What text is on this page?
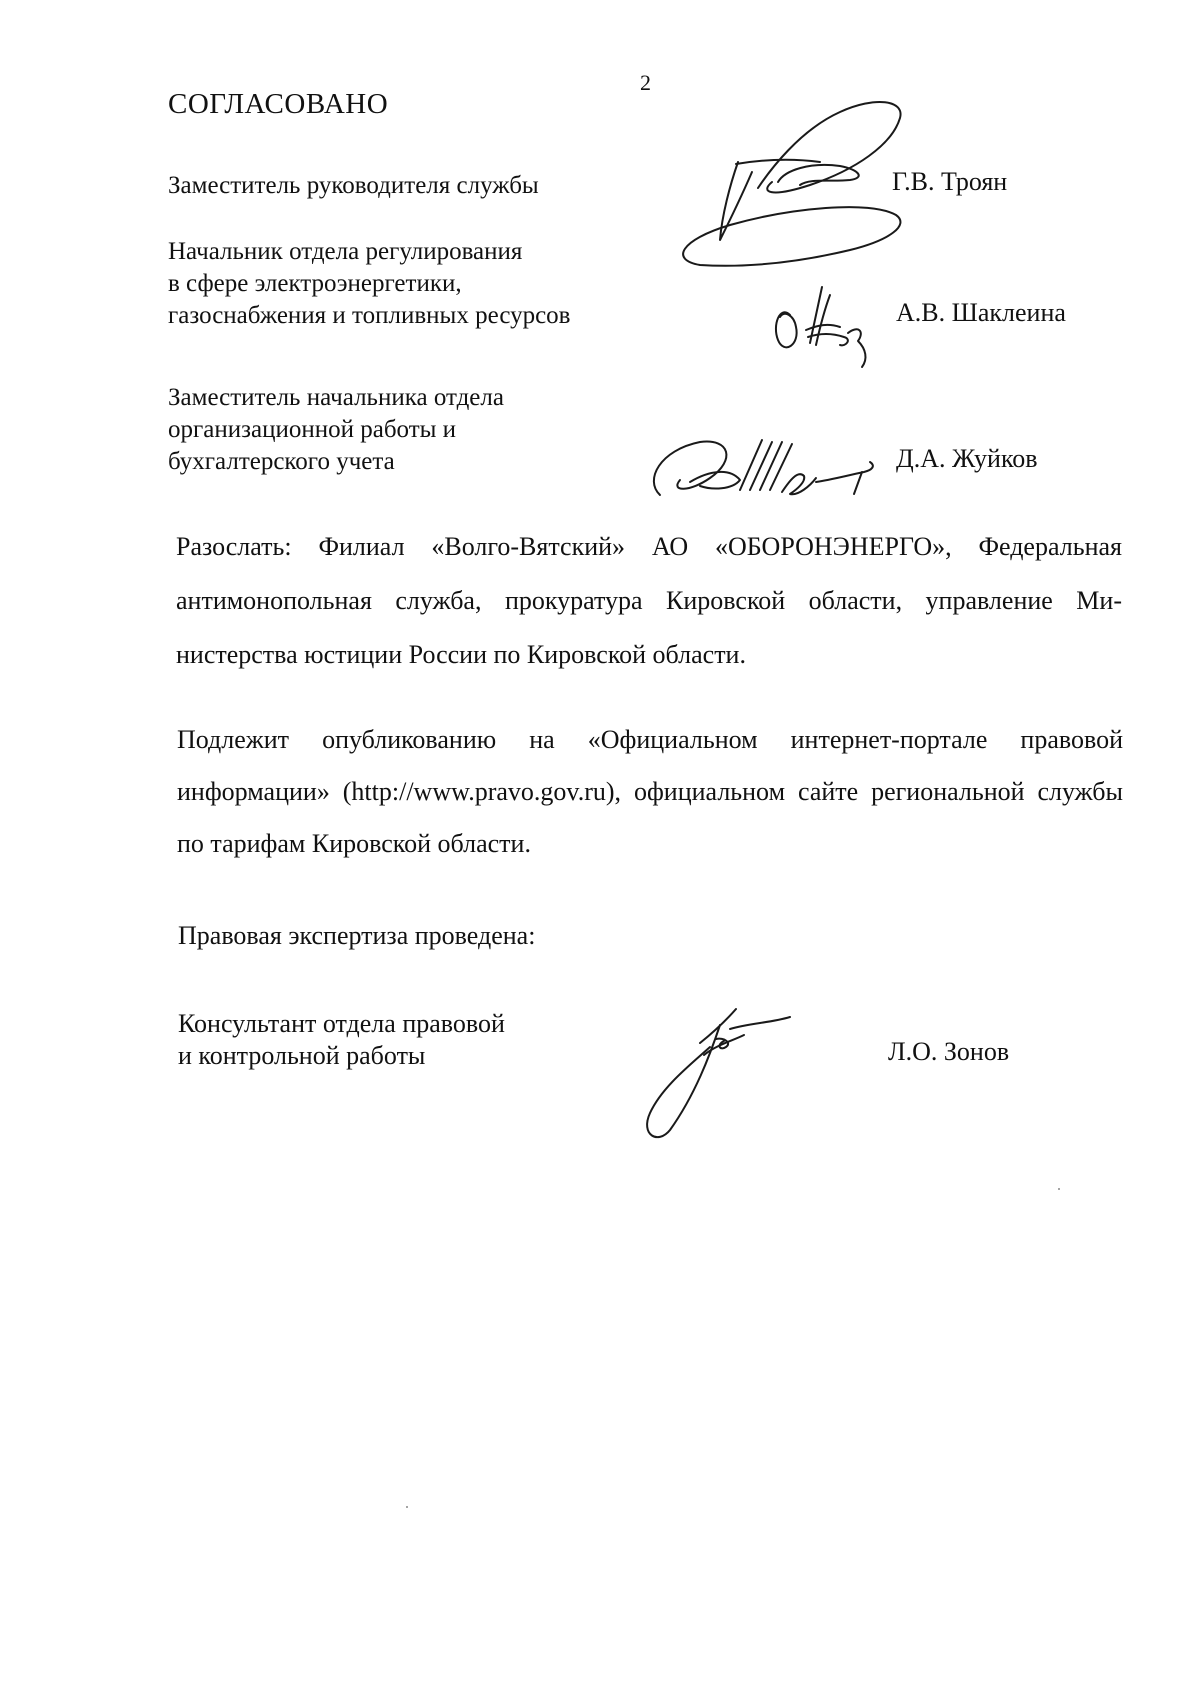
2
СОГЛАСОВАНО
Заместитель руководителя службы	Г.В. Троян
Начальник отдела регулирования
в сфере электроэнергетики,
газоснабжения и топливных ресурсов	А.В. Шаклеина
Заместитель начальника отдела
организационной работы и
бухгалтерского учета	Д.А. Жуйков
Разослать: Филиал «Волго-Вятский» АО «ОБОРОНЭНЕРГО», Федеральная антимонопольная служба, прокуратура Кировской области, управление Ми-нистерства юстиции России по Кировской области.
Подлежит опубликованию на «Официальном интернет-портале правовой информации» (http://www.pravo.gov.ru), официальном сайте региональной службы по тарифам Кировской области.
Правовая экспертиза проведена:
Консультант отдела правовой
и контрольной работы	Л.О. Зонов
